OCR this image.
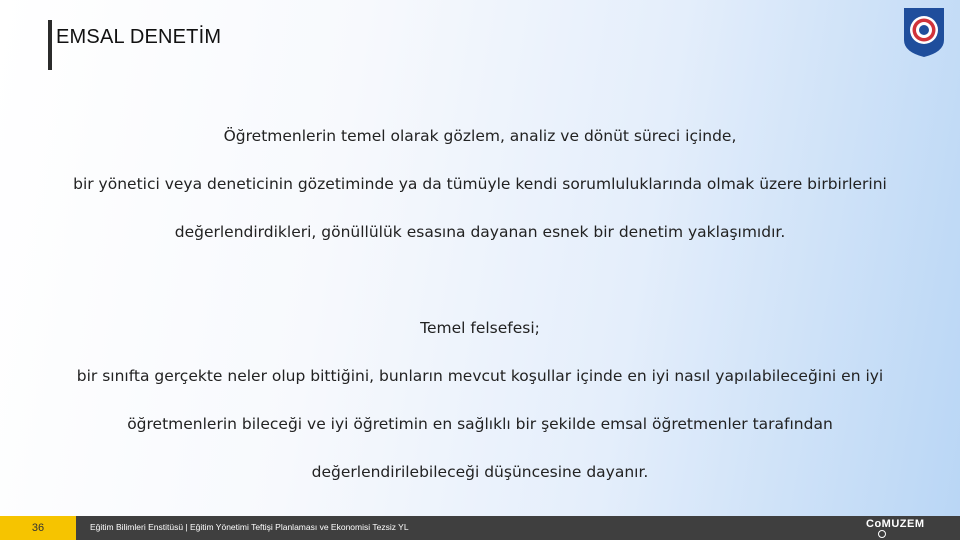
EMSAL DENETİM

Öğretmenlerin temel olarak gözlem, analiz ve dönüt süreci içinde,

bir yönetici veya deneticinin gözetiminde ya da tümüyle kendi sorumluluklarında olmak üzere birbirlerini

değerlendirdikleri, gönüllülük esasına dayanan esnek bir denetim yaklaşımıdır.

Temel felsefesi;

bir sınıfta gerçekte neler olup bittiğini, bunların mevcut koşullar içinde en iyi nasıl yapılabileceğini en iyi

öğretmenlerin bileceği ve iyi öğretimin en sağlıklı bir şekilde emsal öğretmenler tarafından

değerlendirilebileceği düşüncesine dayanır.

36	Eğitim Bilimleri Enstitüsü | Eğitim Yönetimi Teftişi Planlaması ve Ekonomisi Tezsiz YL	CoMUZEM
